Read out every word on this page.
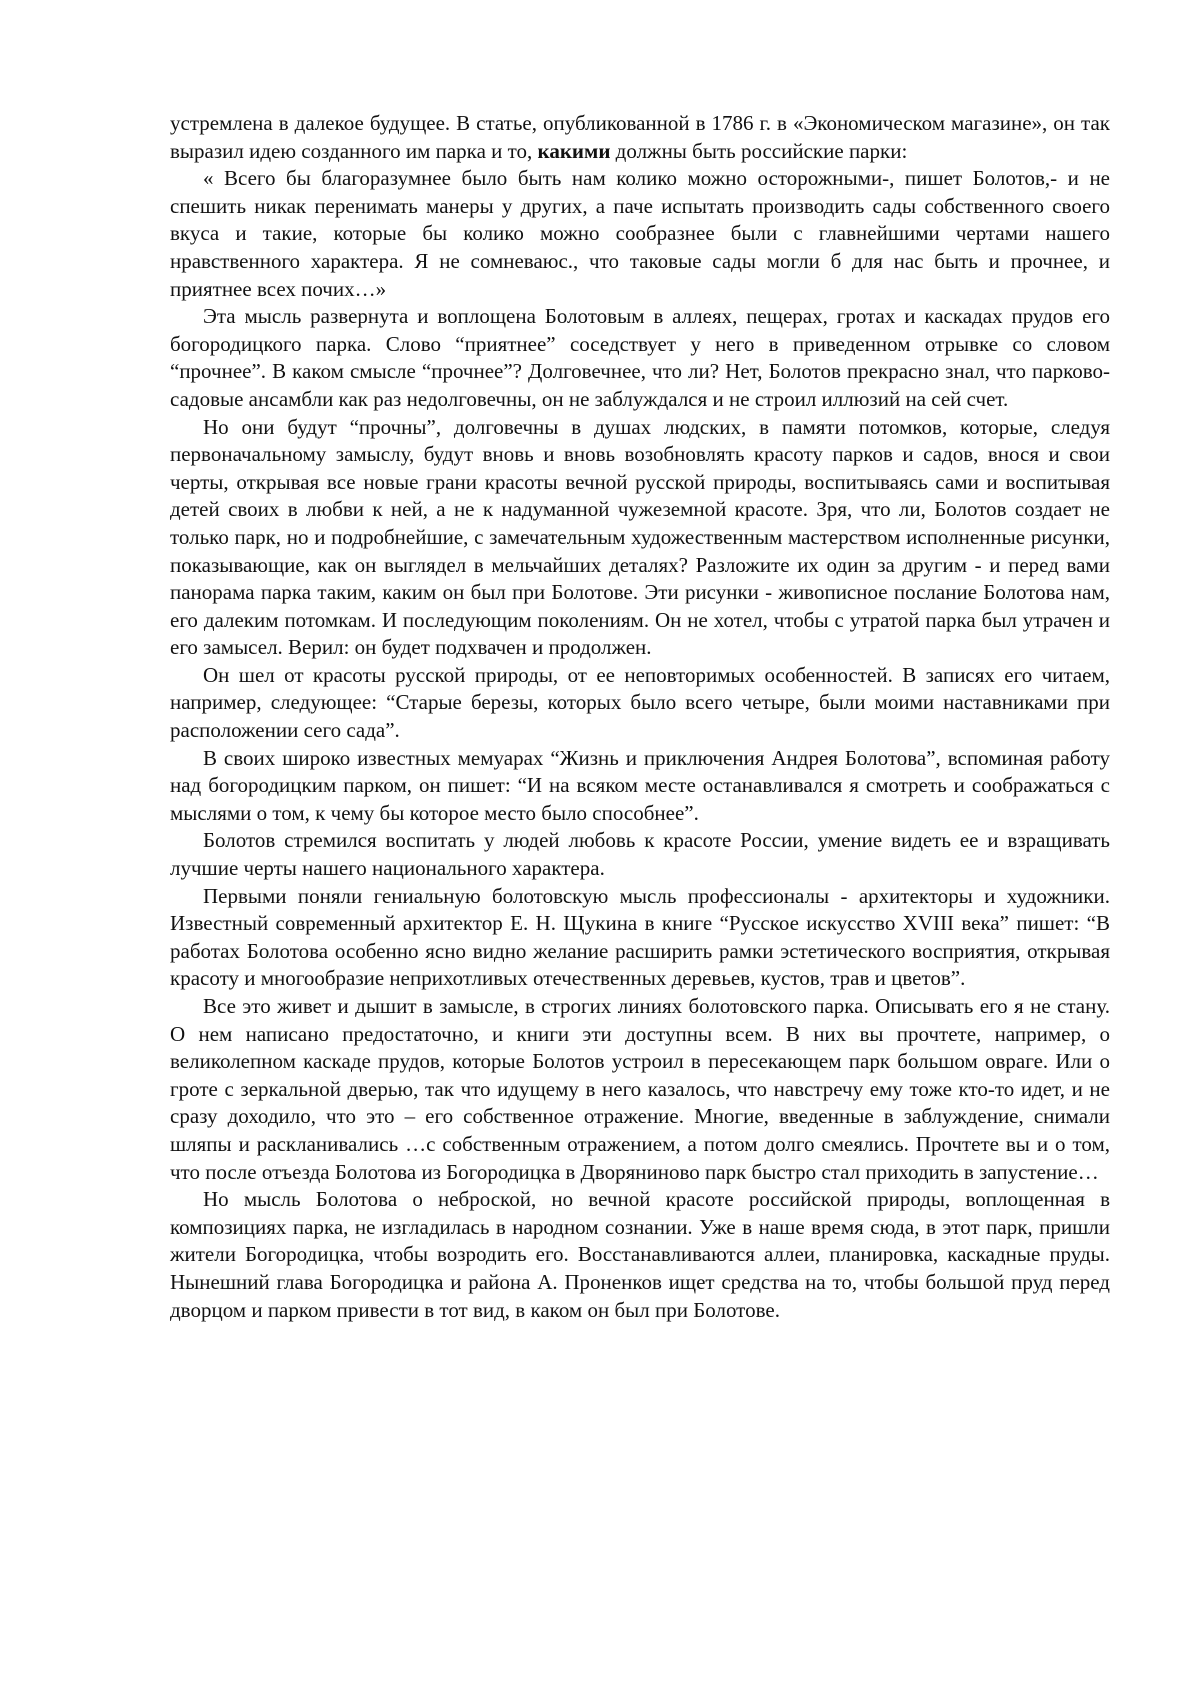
устремлена в далекое будущее. В статье, опубликованной в 1786 г. в «Экономическом магазине», он так выразил идею созданного им парка и то, какими должны быть российские парки:

« Всего бы благоразумнее было быть нам колико можно осторожными-, пишет Болотов,- и не спешить никак перенимать манеры у других, а паче испытать производить сады собственного своего вкуса и такие, которые бы колико можно сообразнее были с главнейшими чертами нашего нравственного характера. Я не сомневаюс., что таковые сады могли б для нас быть и прочнее, и приятнее всех почих…»

Эта мысль развернута и воплощена Болотовым в аллеях, пещерах, гротах и каскадах прудов его богородицкого парка. Слово “приятнее” соседствует у него в приведенном отрывке со словом “прочнее”. В каком смысле “прочнее”? Долговечнее, что ли? Нет, Болотов прекрасно знал, что парково-садовые ансамбли как раз недолговечны, он не заблуждался и не строил иллюзий на сей счет.

Но они будут “прочны”, долговечны в душах людских, в памяти потомков, которые, следуя первоначальному замыслу, будут вновь и вновь возобновлять красоту парков и садов, внося и свои черты, открывая все новые грани красоты вечной русской природы, воспитываясь сами и воспитывая детей своих в любви к ней, а не к надуманной чужеземной красоте. Зря, что ли, Болотов создает не только парк, но и подробнейшие, с замечательным художественным мастерством исполненные рисунки, показывающие, как он выглядел в мельчайших деталях? Разложите их один за другим - и перед вами панорама парка таким, каким он был при Болотове. Эти рисунки - живописное послание Болотова нам, его далеким потомкам. И последующим поколениям. Он не хотел, чтобы с утратой парка был утрачен и его замысел. Верил: он будет подхвачен и продолжен.

Он шел от красоты русской природы, от ее неповторимых особенностей. В записях его читаем, например, следующее: “Старые березы, которых было всего четыре, были моими наставниками при расположении сего сада”.

В своих широко известных мемуарах “Жизнь и приключения Андрея Болотова”, вспоминая работу над богородицким парком, он пишет: “И на всяком месте останавливался я смотреть и соображаться с мыслями о том, к чему бы которое место было способнее”.

Болотов стремился воспитать у людей любовь к красоте России, умение видеть ее и взращивать лучшие черты нашего национального характера.

Первыми поняли гениальную болотовскую мысль профессионалы - архитекторы и художники. Известный современный архитектор Е. Н. Щукина в книге “Русское искусство XVIII века” пишет: “В работах Болотова особенно ясно видно желание расширить рамки эстетического восприятия, открывая красоту и многообразие неприхотливых отечественных деревьев, кустов, трав и цветов”.

Все это живет и дышит в замысле, в строгих линиях болотовского парка. Описывать его я не стану. О нем написано предостаточно, и книги эти доступны всем. В них вы прочтете, например, о великолепном каскаде прудов, которые Болотов устроил в пересекающем парк большом овраге. Или о гроте с зеркальной дверью, так что идущему в него казалось, что навстречу ему тоже кто-то идет, и не сразу доходило, что это – его собственное отражение. Многие, введенные в заблуждение, снимали шляпы и раскланивались …с собственным отражением, а потом долго смеялись. Прочтете вы и о том, что после отъезда Болотова из Богородицка в Дворяниново парк быстро стал приходить в запустение…

Но мысль Болотова о неброской, но вечной красоте российской природы, воплощенная в композициях парка, не изгладилась в народном сознании. Уже в наше время сюда, в этот парк, пришли жители Богородицка, чтобы возродить его. Восстанавливаются аллеи, планировка, каскадные пруды. Нынешний глава Богородицка и района А. Проненков ищет средства на то, чтобы большой пруд перед дворцом и парком привести в тот вид, в каком он был при Болотове.
